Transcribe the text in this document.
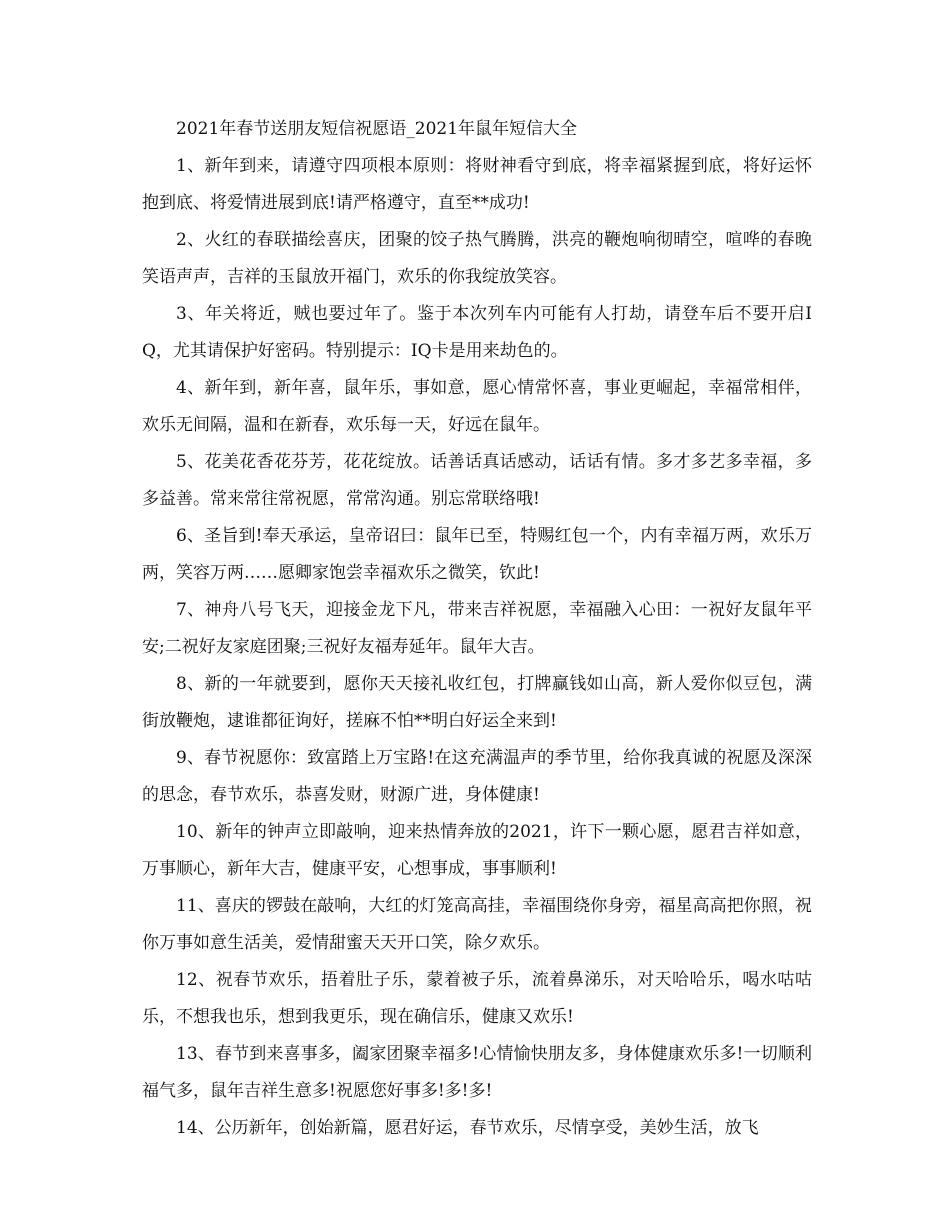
2021年春节送朋友短信祝愿语_2021年鼠年短信大全

1、新年到来，请遵守四项根本原则：将财神看守到底，将幸福紧握到底，将好运怀抱到底、将爱情进展到底!请严格遵守，直至**成功!

2、火红的春联描绘喜庆，团聚的饺子热气腾腾，洪亮的鞭炮响彻晴空，喧哗的春晚笑语声声，吉祥的玉鼠放开福门，欢乐的你我绽放笑容。

3、年关将近，贼也要过年了。鉴于本次列车内可能有人打劫，请登车后不要开启IQ，尤其请保护好密码。特别提示：IQ卡是用来劫色的。

4、新年到，新年喜，鼠年乐，事如意，愿心情常怀喜，事业更崛起，幸福常相伴，欢乐无间隔，温和在新春，欢乐每一天，好远在鼠年。

5、花美花香花芬芳，花花绽放。话善话真话感动，话话有情。多才多艺多幸福，多多益善。常来常往常祝愿，常常沟通。别忘常联络哦!

6、圣旨到!奉天承运，皇帝诏曰：鼠年已至，特赐红包一个，内有幸福万两，欢乐万两，笑容万两……愿卿家饱尝幸福欢乐之微笑，钦此!

7、神舟八号飞天，迎接金龙下凡，带来吉祥祝愿，幸福融入心田：一祝好友鼠年平安;二祝好友家庭团聚;三祝好友福寿延年。鼠年大吉。

8、新的一年就要到，愿你天天接礼收红包，打牌赢钱如山高，新人爱你似豆包，满街放鞭炮，逮谁都征询好，搓麻不怕**明白好运全来到!

9、春节祝愿你：致富踏上万宝路!在这充满温声的季节里，给你我真诚的祝愿及深深的思念，春节欢乐，恭喜发财，财源广进，身体健康!

10、新年的钟声立即敲响，迎来热情奔放的2021，许下一颗心愿，愿君吉祥如意，万事顺心，新年大吉，健康平安，心想事成，事事顺利!

11、喜庆的锣鼓在敲响，大红的灯笼高高挂，幸福围绕你身旁，福星高高把你照，祝你万事如意生活美，爱情甜蜜天天开口笑，除夕欢乐。

12、祝春节欢乐，捂着肚子乐，蒙着被子乐，流着鼻涕乐，对天哈哈乐，喝水咕咕乐，不想我也乐，想到我更乐，现在确信乐，健康又欢乐!

13、春节到来喜事多，阖家团聚幸福多!心情愉快朋友多，身体健康欢乐多!一切顺利福气多，鼠年吉祥生意多!祝愿您好事多!多!多!

14、公历新年，创始新篇，愿君好运，春节欢乐，尽情享受，美妙生活，放飞
